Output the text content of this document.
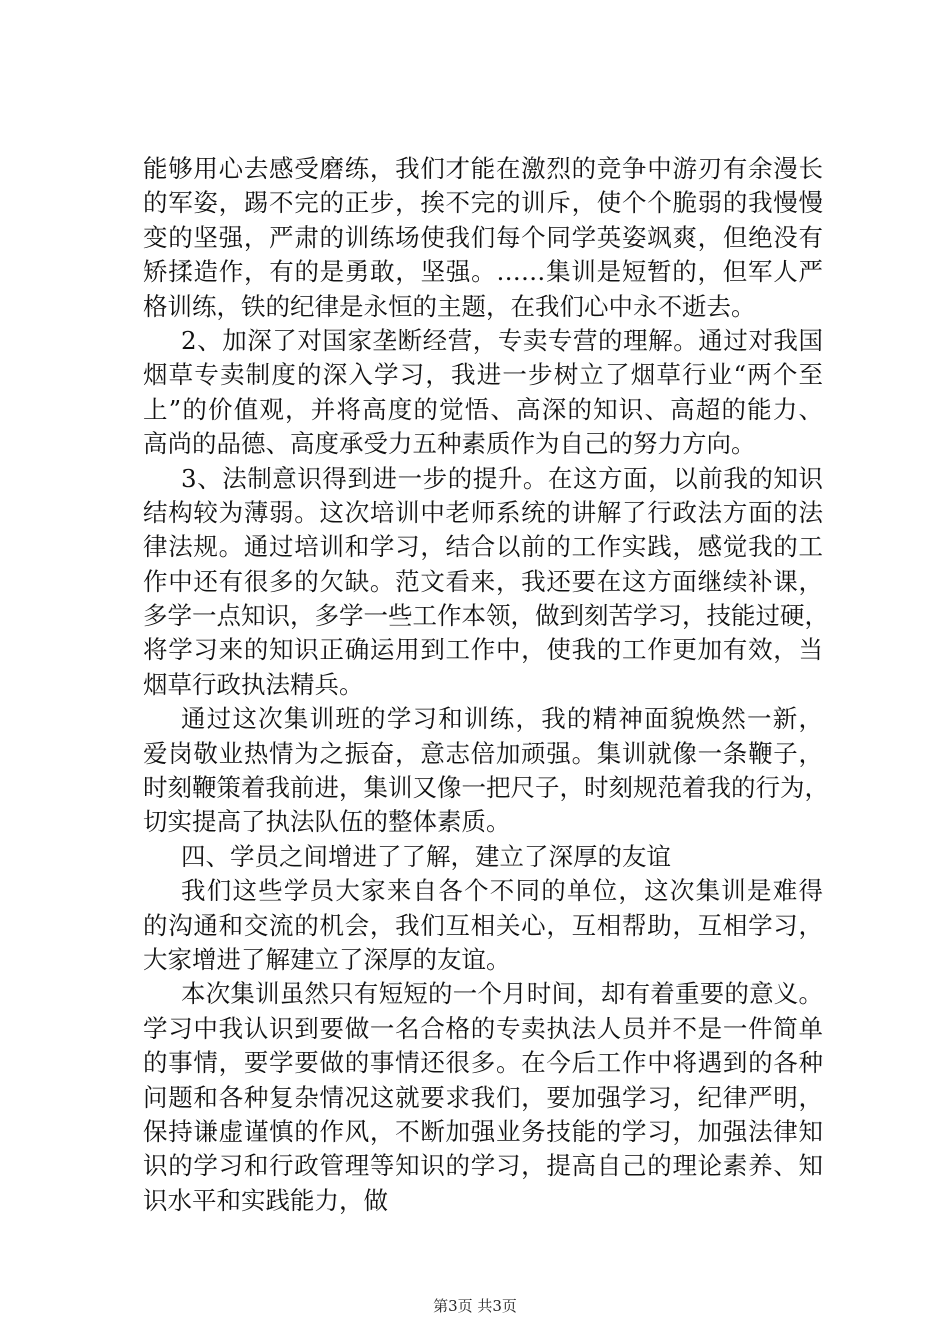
能够用心去感受磨练，我们才能在激烈的竞争中游刃有余漫长
的军姿，踢不完的正步，挨不完的训斥，使个个脆弱的我慢慢
变的坚强，严肃的训练场使我们每个同学英姿飒爽，但绝没有
矫揉造作，有的是勇敢，坚强。……集训是短暂的，但军人严
格训练，铁的纪律是永恒的主题，在我们心中永不逝去。
2、加深了对国家垄断经营，专卖专营的理解。通过对我国
烟草专卖制度的深入学习，我进一步树立了烟草行业“两个至
上”的价值观，并将高度的觉悟、高深的知识、高超的能力、
高尚的品德、高度承受力五种素质作为自己的努力方向。
3、法制意识得到进一步的提升。在这方面，以前我的知识
结构较为薄弱。这次培训中老师系统的讲解了行政法方面的法
律法规。通过培训和学习，结合以前的工作实践，感觉我的工
作中还有很多的欠缺。范文看来，我还要在这方面继续补课，
多学一点知识，多学一些工作本领，做到刻苦学习，技能过硬，
将学习来的知识正确运用到工作中，使我的工作更加有效，当
烟草行政执法精兵。
通过这次集训班的学习和训练，我的精神面貌焕然一新，
爱岗敬业热情为之振奋，意志倍加顽强。集训就像一条鞭子，
时刻鞭策着我前进，集训又像一把尺子，时刻规范着我的行为，
切实提高了执法队伍的整体素质。
四、学员之间增进了了解，建立了深厚的友谊
我们这些学员大家来自各个不同的单位，这次集训是难得
的沟通和交流的机会，我们互相关心，互相帮助，互相学习，
大家增进了解建立了深厚的友谊。
本次集训虽然只有短短的一个月时间，却有着重要的意义。
学习中我认识到要做一名合格的专卖执法人员并不是一件简单
的事情，要学要做的事情还很多。在今后工作中将遇到的各种
问题和各种复杂情况这就要求我们，要加强学习，纪律严明，
保持谦虚谨慎的作风，不断加强业务技能的学习，加强法律知
识的学习和行政管理等知识的学习，提高自己的理论素养、知
识水平和实践能力，做
第3页 共3页
